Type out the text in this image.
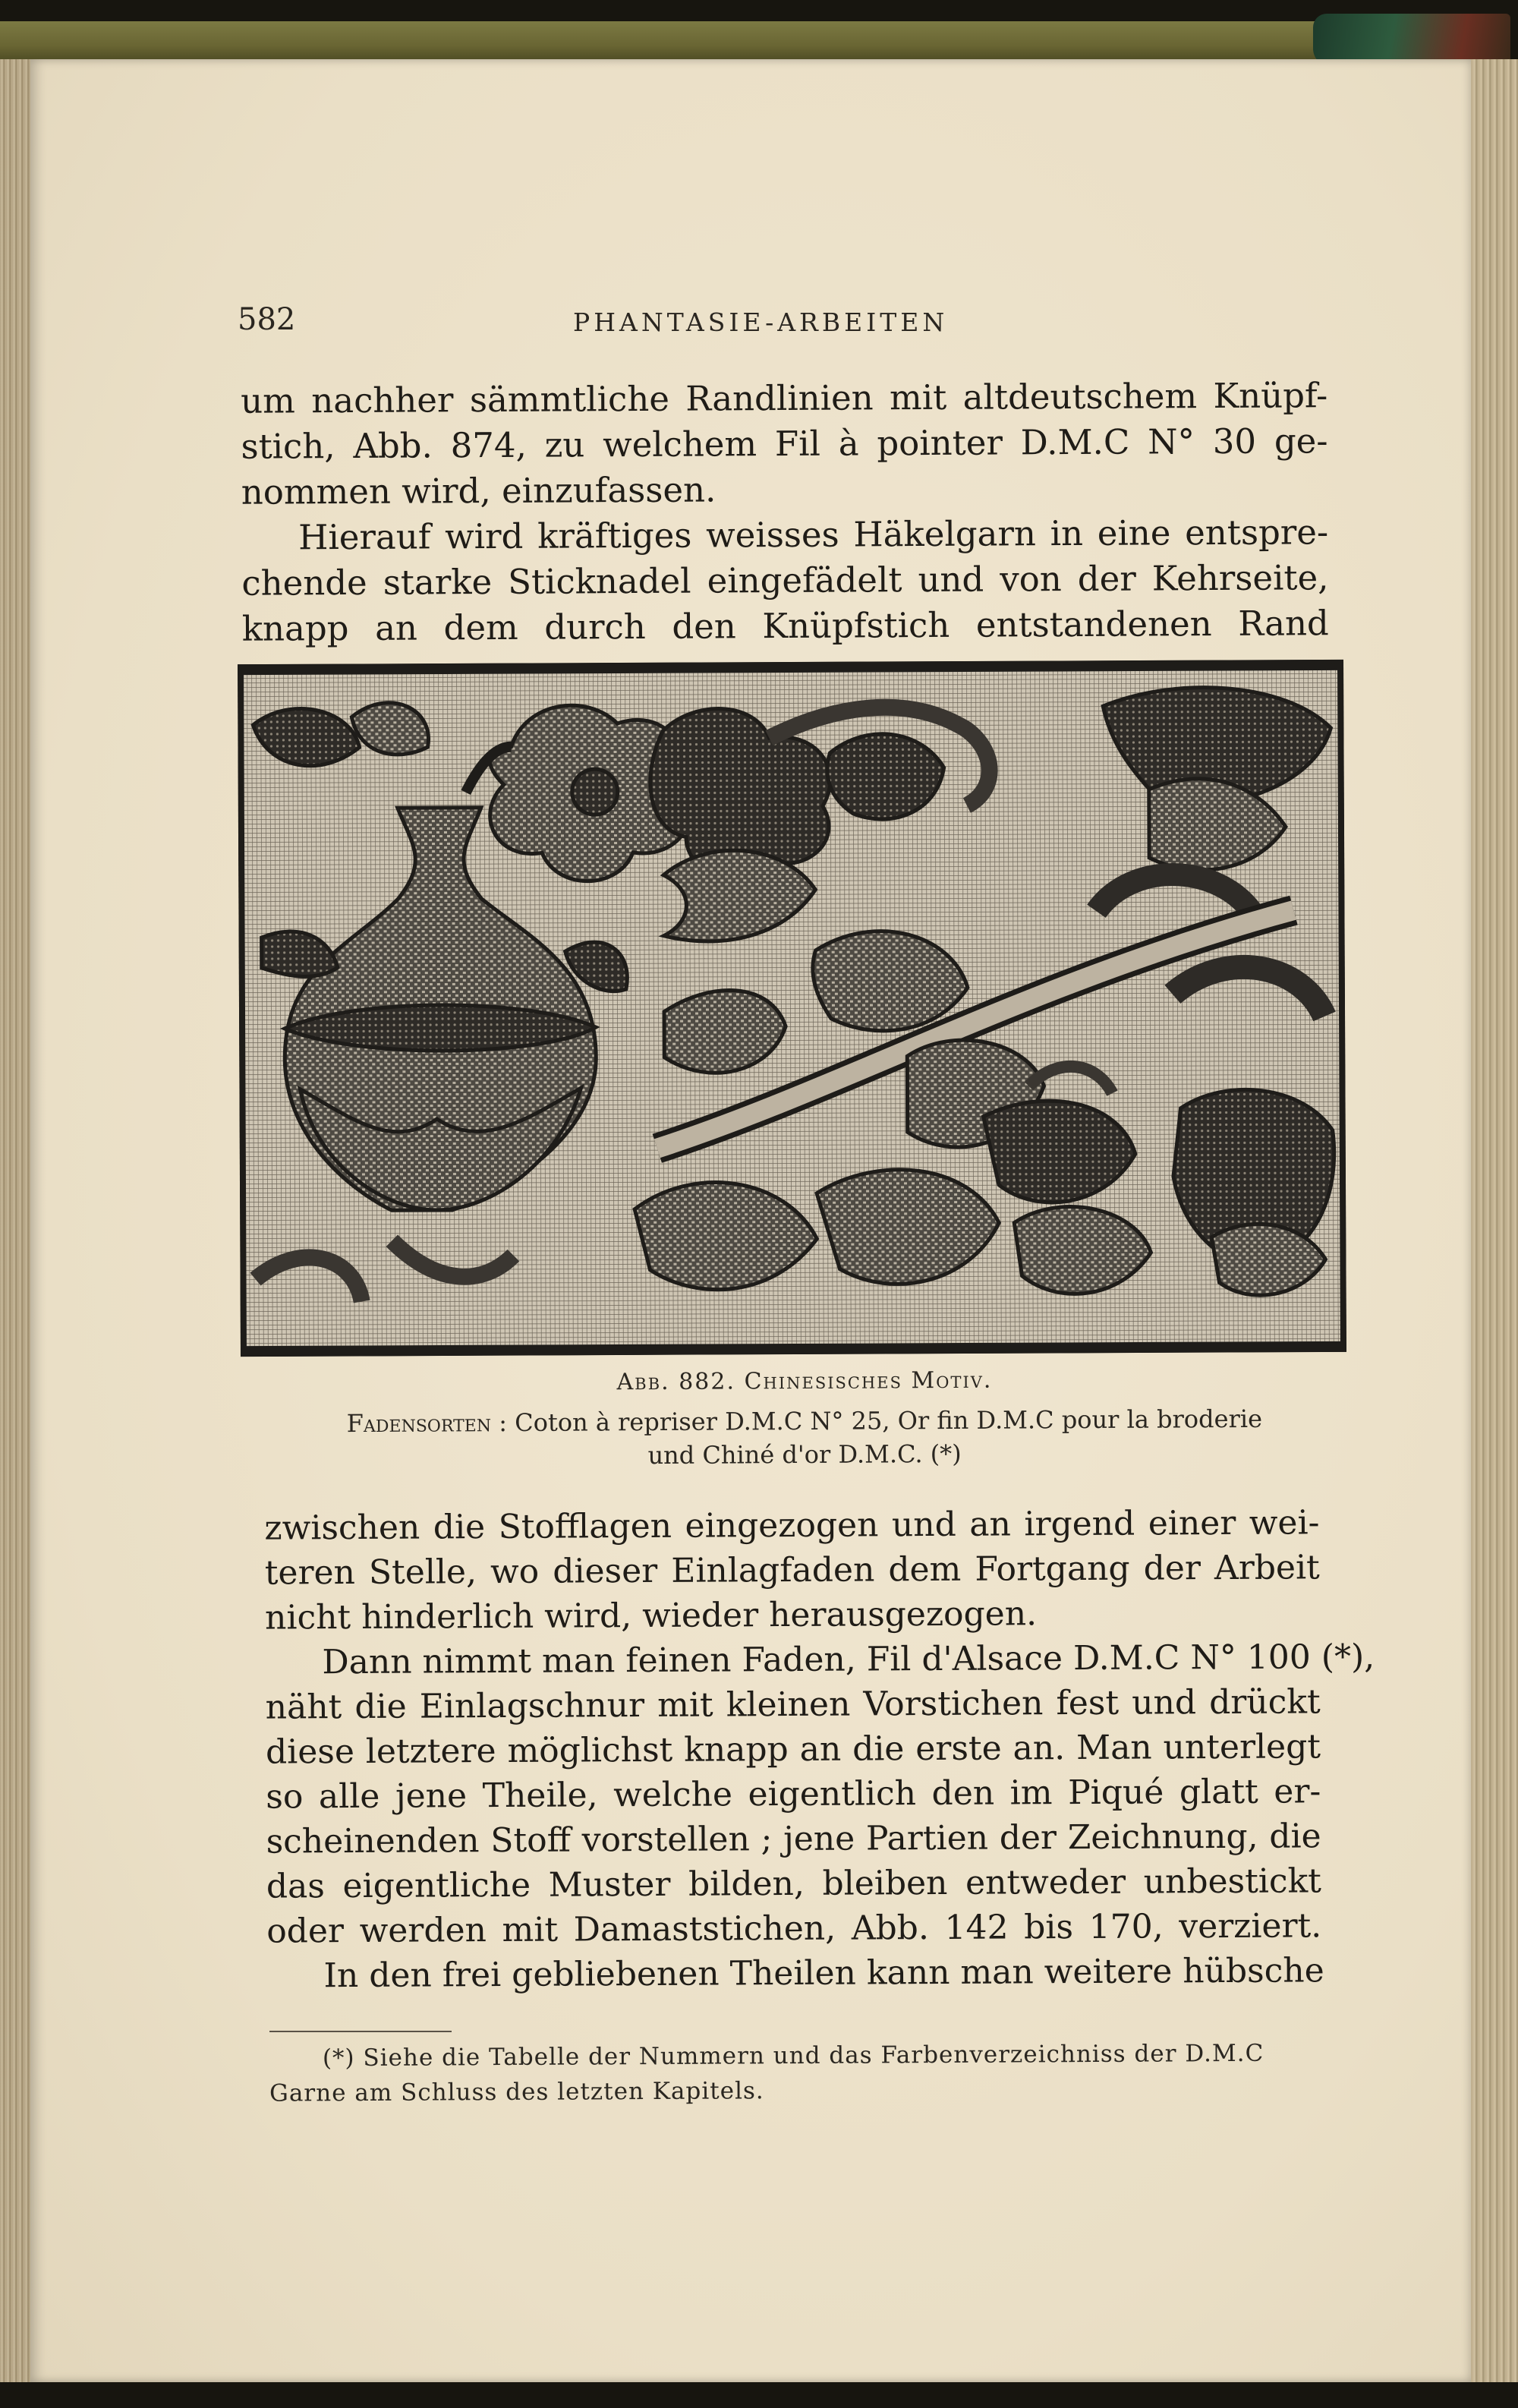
582	PHANTASIE-ARBEITEN
um nachher sämmtliche Randlinien mit altdeutschem Knüpf-
stich, Abb. 874, zu welchem Fil à pointer D.M.C N° 30 ge-
nommen wird, einzufassen.
Hierauf wird kräftiges weisses Häkelgarn in eine entspre-
chende starke Sticknadel eingefädelt und von der Kehrseite,
knapp an dem durch den Knüpfstich entstandenen Rand
Abb. 882. Chinesisches Motiv.
Fadensorten : Coton à repriser D.M.C N° 25, Or fin D.M.C pour la broderie
und Chiné d'or D.M.C. (*)
zwischen die Stofflagen eingezogen und an irgend einer wei-
teren Stelle, wo dieser Einlagfaden dem Fortgang der Arbeit
nicht hinderlich wird, wieder herausgezogen.
Dann nimmt man feinen Faden, Fil d'Alsace D.M.C N° 100 (*),
näht die Einlagschnur mit kleinen Vorstichen fest und drückt
diese letztere möglichst knapp an die erste an. Man unterlegt
so alle jene Theile, welche eigentlich den im Piqué glatt er-
scheinenden Stoff vorstellen ; jene Partien der Zeichnung, die
das eigentliche Muster bilden, bleiben entweder unbestickt
oder werden mit Damaststichen, Abb. 142 bis 170, verziert.
In den frei gebliebenen Theilen kann man weitere hübsche
(*) Siehe die Tabelle der Nummern und das Farbenverzeichniss der D.M.C
Garne am Schluss des letzten Kapitels.
